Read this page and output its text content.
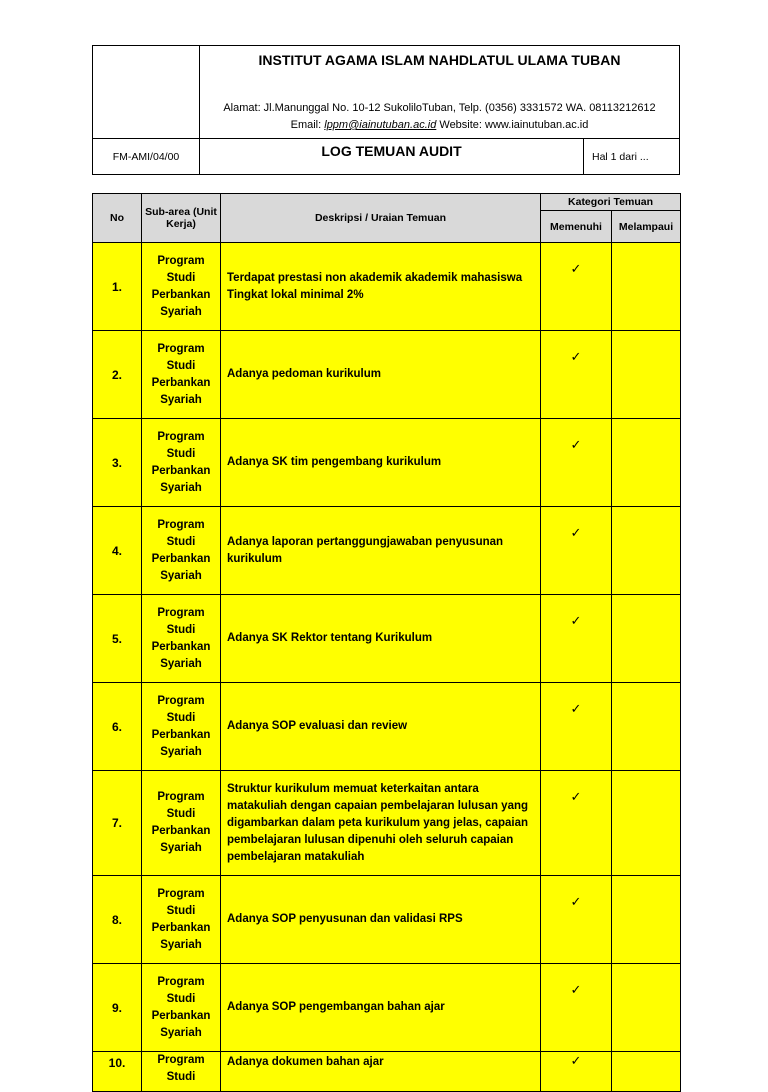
INSTITUT AGAMA ISLAM NAHDLATUL ULAMA TUBAN
Alamat: Jl.Manunggal No. 10-12 SukoliloTuban, Telp. (0356) 3331572 WA. 08113212612
Email: lppm@iainutuban.ac.id Website: www.iainutuban.ac.id
FM-AMI/04/00	LOG TEMUAN AUDIT	Hal 1 dari ...
No	Sub-area (Unit Kerja)	Deskripsi / Uraian Temuan	Kategori Temuan	
			Memenuhi	Melampaui
1.	Program Studi Perbankan Syariah	Terdapat prestasi non akademik akademik mahasiswa Tingkat lokal minimal 2%	✓	
2.	Program Studi Perbankan Syariah	Adanya pedoman kurikulum	✓	
3.	Program Studi Perbankan Syariah	Adanya SK tim pengembang kurikulum	✓	
4.	Program Studi Perbankan Syariah	Adanya laporan pertanggungjawaban penyusunan kurikulum	✓	
5.	Program Studi Perbankan Syariah	Adanya SK Rektor tentang Kurikulum	✓	
6.	Program Studi Perbankan Syariah	Adanya SOP evaluasi dan review	✓	
7.	Program Studi Perbankan Syariah	Struktur kurikulum memuat keterkaitan antara matakuliah dengan capaian pembelajaran lulusan yang digambarkan dalam peta kurikulum yang jelas, capaian pembelajaran lulusan dipenuhi oleh seluruh capaian pembelajaran matakuliah	✓	
8.	Program Studi Perbankan Syariah	Adanya SOP penyusunan dan validasi RPS	✓	
9.	Program Studi Perbankan Syariah	Adanya SOP pengembangan bahan ajar	✓	
10.	Program Studi	Adanya dokumen bahan ajar	✓	
